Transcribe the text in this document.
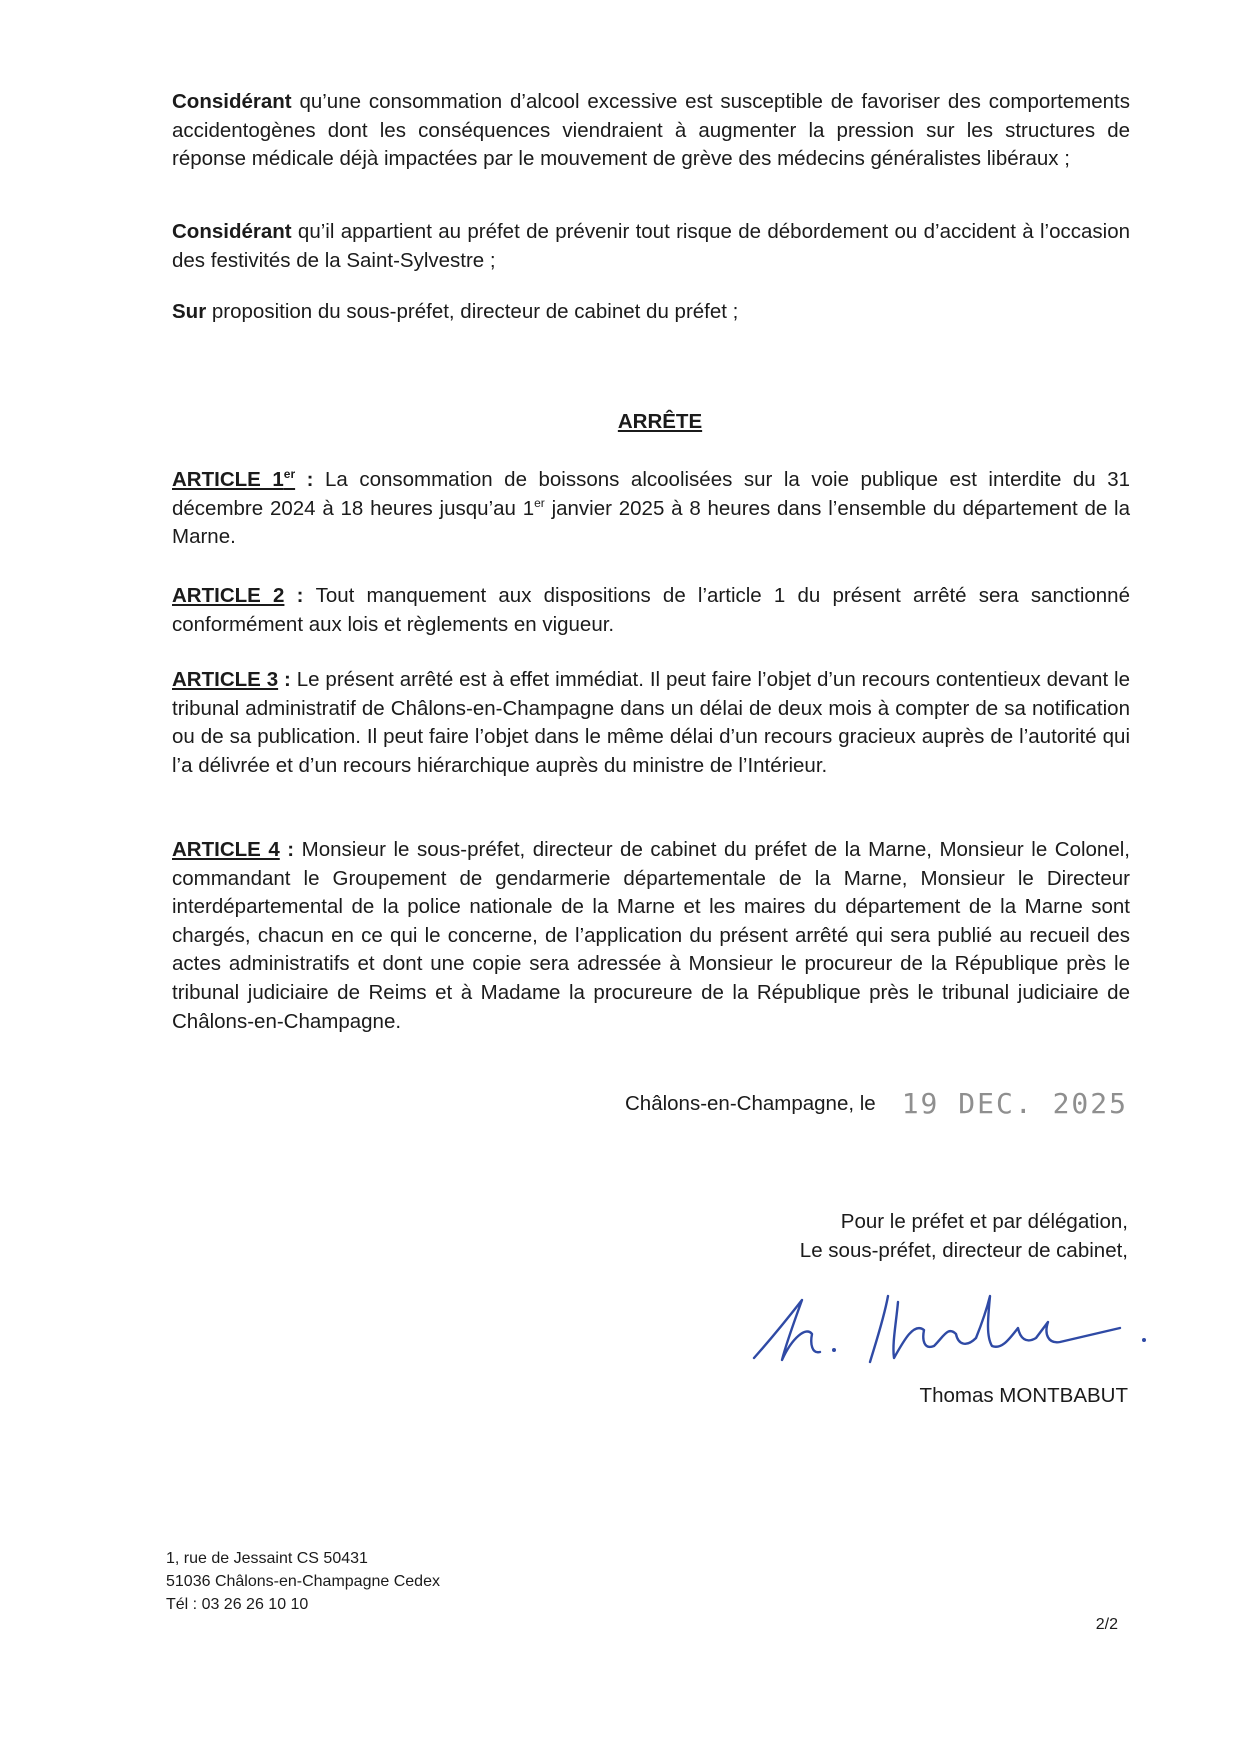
Considérant qu’une consommation d’alcool excessive est susceptible de favoriser des comportements accidentogènes dont les conséquences viendraient à augmenter la pression sur les structures de réponse médicale déjà impactées par le mouvement de grève des médecins généralistes libéraux ;

Considérant qu’il appartient au préfet de prévenir tout risque de débordement ou d’accident à l’occasion des festivités de la Saint-Sylvestre ;

Sur proposition du sous-préfet, directeur de cabinet du préfet ;

ARRÊTE

ARTICLE 1er : La consommation de boissons alcoolisées sur la voie publique est interdite du 31 décembre 2024 à 18 heures jusqu’au 1er janvier 2025 à 8 heures dans l’ensemble du département de la Marne.

ARTICLE 2 : Tout manquement aux dispositions de l’article 1 du présent arrêté sera sanctionné conformément aux lois et règlements en vigueur.

ARTICLE 3 : Le présent arrêté est à effet immédiat. Il peut faire l’objet d’un recours contentieux devant le tribunal administratif de Châlons-en-Champagne dans un délai de deux mois à compter de sa notification ou de sa publication. Il peut faire l’objet dans le même délai d’un recours gracieux auprès de l’autorité qui l’a délivrée et d’un recours hiérarchique auprès du ministre de l’Intérieur.

ARTICLE 4 : Monsieur le sous-préfet, directeur de cabinet du préfet de la Marne, Monsieur le Colonel, commandant le Groupement de gendarmerie départementale de la Marne, Monsieur le Directeur interdépartemental de la police nationale de la Marne et les maires du département de la Marne sont chargés, chacun en ce qui le concerne, de l’application du présent arrêté qui sera publié au recueil des actes administratifs et dont une copie sera adressée à Monsieur le procureur de la République près le tribunal judiciaire de Reims et à Madame la procureure de la République près le tribunal judiciaire de Châlons-en-Champagne.

Châlons-en-Champagne, le 19 DEC. 2025
Pour le préfet et par délégation,
Le sous-préfet, directeur de cabinet,
Thomas MONTBABUT
1, rue de Jessaint CS 50431
51036 Châlons-en-Champagne Cedex
Tél : 03 26 26 10 10
2/2
